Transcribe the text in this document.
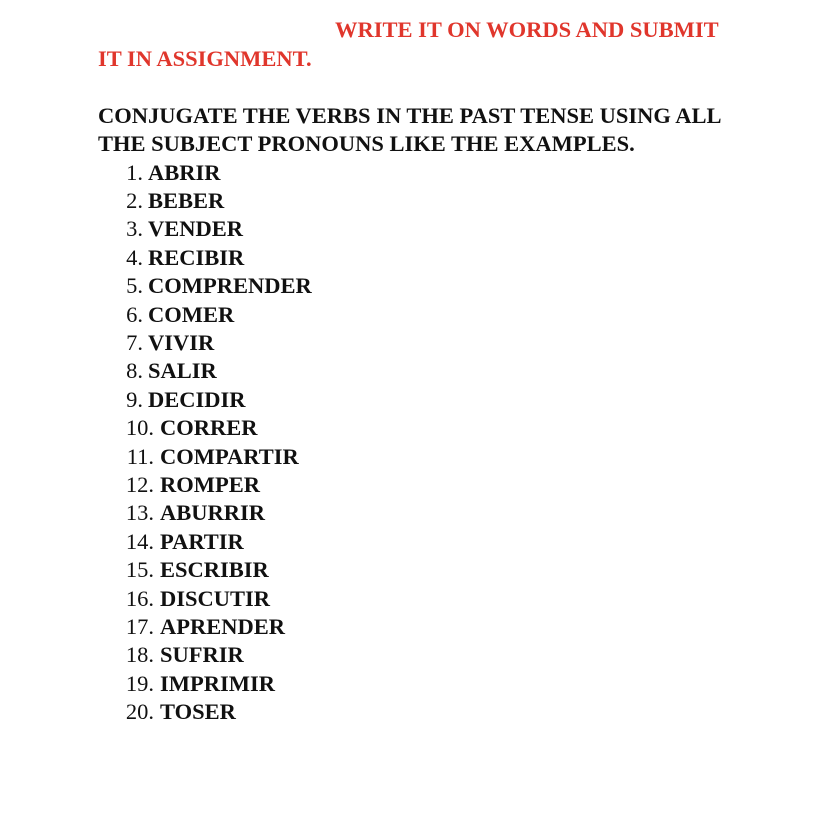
WRITE IT ON WORDS AND SUBMIT IT IN ASSIGNMENT.

CONJUGATE THE VERBS IN THE PAST TENSE USING ALL THE SUBJECT PRONOUNS LIKE THE EXAMPLES.

1. ABRIR
2. BEBER
3. VENDER
4. RECIBIR
5. COMPRENDER
6. COMER
7. VIVIR
8. SALIR
9. DECIDIR
10. CORRER
11. COMPARTIR
12. ROMPER
13. ABURRIR
14. PARTIR
15. ESCRIBIR
16. DISCUTIR
17. APRENDER
18. SUFRIR
19. IMPRIMIR
20. TOSER
